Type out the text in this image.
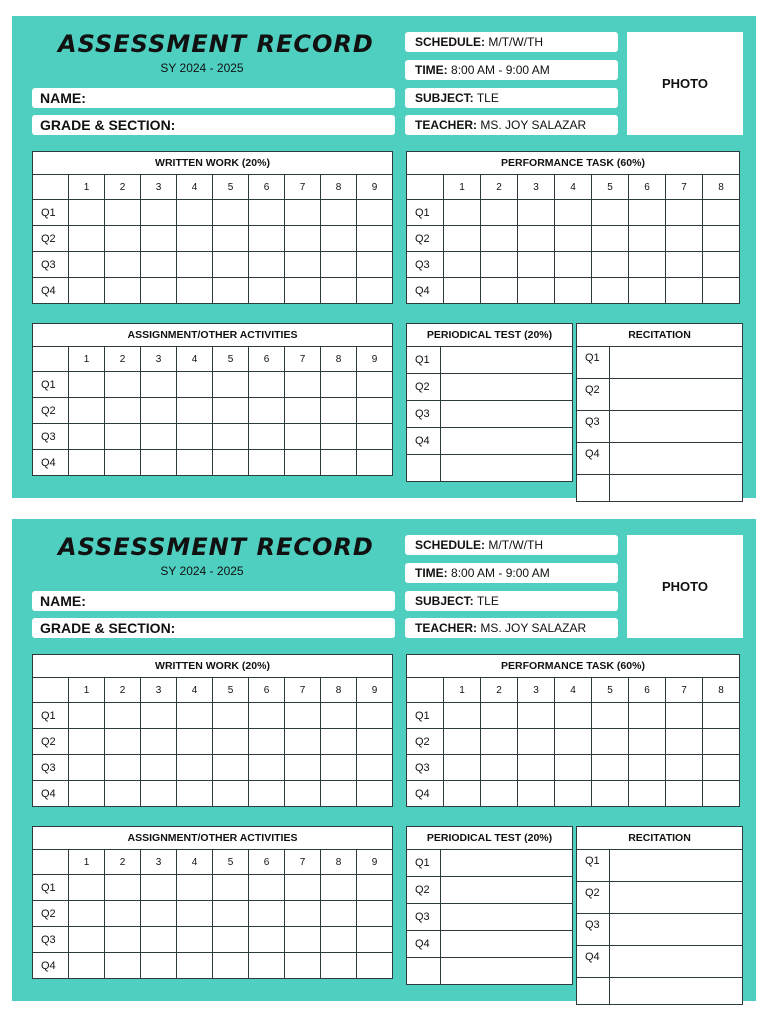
ASSESSMENT RECORD
SY 2024 - 2025
NAME:
GRADE & SECTION:
SCHEDULE: M/T/W/TH
TIME: 8:00 AM - 9:00 AM
SUBJECT: TLE
TEACHER: MS. JOY SALAZAR
PHOTO
WRITTEN WORK (20%)									
	1	2	3	4	5	6	7	8	9
Q1									
Q2									
Q3									
Q4									
PERFORMANCE TASK (60%)								
	1	2	3	4	5	6	7	8
Q1								
Q2								
Q3								
Q4								
ASSIGNMENT/OTHER ACTIVITIES									
	1	2	3	4	5	6	7	8	9
Q1									
Q2									
Q3									
Q4									
PERIODICAL TEST (20%)	
Q1	
Q2	
Q3	
Q4	

RECITATION	
Q1	
Q2	
Q3	
Q4	

ASSESSMENT RECORD
SY 2024 - 2025
NAME:
GRADE & SECTION:
SCHEDULE: M/T/W/TH
TIME: 8:00 AM - 9:00 AM
SUBJECT: TLE
TEACHER: MS. JOY SALAZAR
PHOTO
WRITTEN WORK (20%)									
	1	2	3	4	5	6	7	8	9
Q1									
Q2									
Q3									
Q4									
PERFORMANCE TASK (60%)								
	1	2	3	4	5	6	7	8
Q1								
Q2								
Q3								
Q4								
ASSIGNMENT/OTHER ACTIVITIES									
	1	2	3	4	5	6	7	8	9
Q1									
Q2									
Q3									
Q4									
PERIODICAL TEST (20%)	
Q1	
Q2	
Q3	
Q4	

RECITATION	
Q1	
Q2	
Q3	
Q4	
